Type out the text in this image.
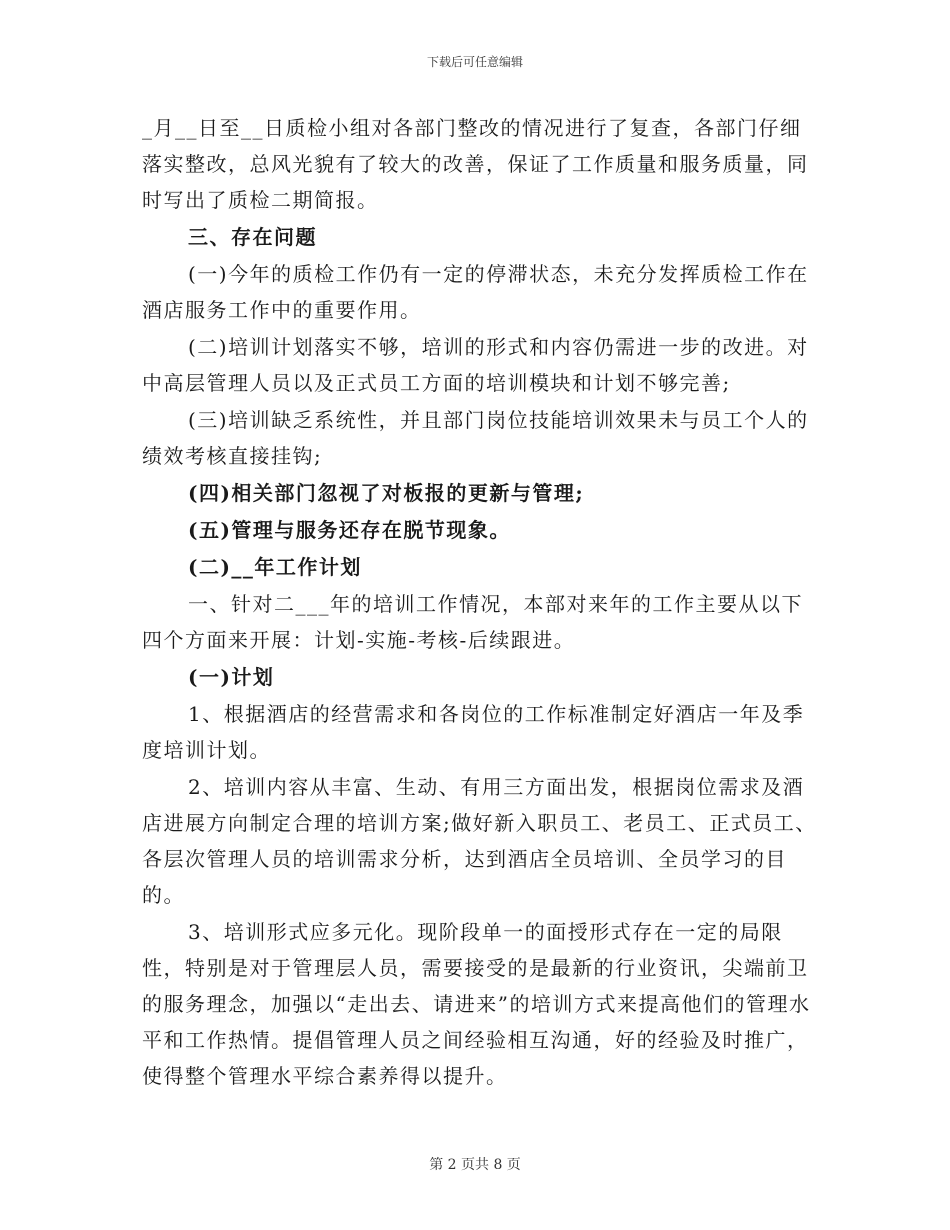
下载后可任意编辑

_月__日至__日质检小组对各部门整改的情况进行了复查，各部门仔细落实整改，总风光貌有了较大的改善，保证了工作质量和服务质量，同时写出了质检二期简报。

三、存在问题

(一)今年的质检工作仍有一定的停滞状态，未充分发挥质检工作在酒店服务工作中的重要作用。

(二)培训计划落实不够，培训的形式和内容仍需进一步的改进。对中高层管理人员以及正式员工方面的培训模块和计划不够完善;

(三)培训缺乏系统性，并且部门岗位技能培训效果未与员工个人的绩效考核直接挂钩;

(四)相关部门忽视了对板报的更新与管理;

(五)管理与服务还存在脱节现象。

(二)__年工作计划

一、针对二___年的培训工作情况，本部对来年的工作主要从以下四个方面来开展：计划-实施-考核-后续跟进。

(一)计划

1、根据酒店的经营需求和各岗位的工作标准制定好酒店一年及季度培训计划。

2、培训内容从丰富、生动、有用三方面出发，根据岗位需求及酒店进展方向制定合理的培训方案;做好新入职员工、老员工、正式员工、各层次管理人员的培训需求分析，达到酒店全员培训、全员学习的目的。

3、培训形式应多元化。现阶段单一的面授形式存在一定的局限性，特别是对于管理层人员，需要接受的是最新的行业资讯，尖端前卫的服务理念，加强以“走出去、请进来”的培训方式来提高他们的管理水平和工作热情。提倡管理人员之间经验相互沟通，好的经验及时推广，使得整个管理水平综合素养得以提升。

第 2 页共 8 页
